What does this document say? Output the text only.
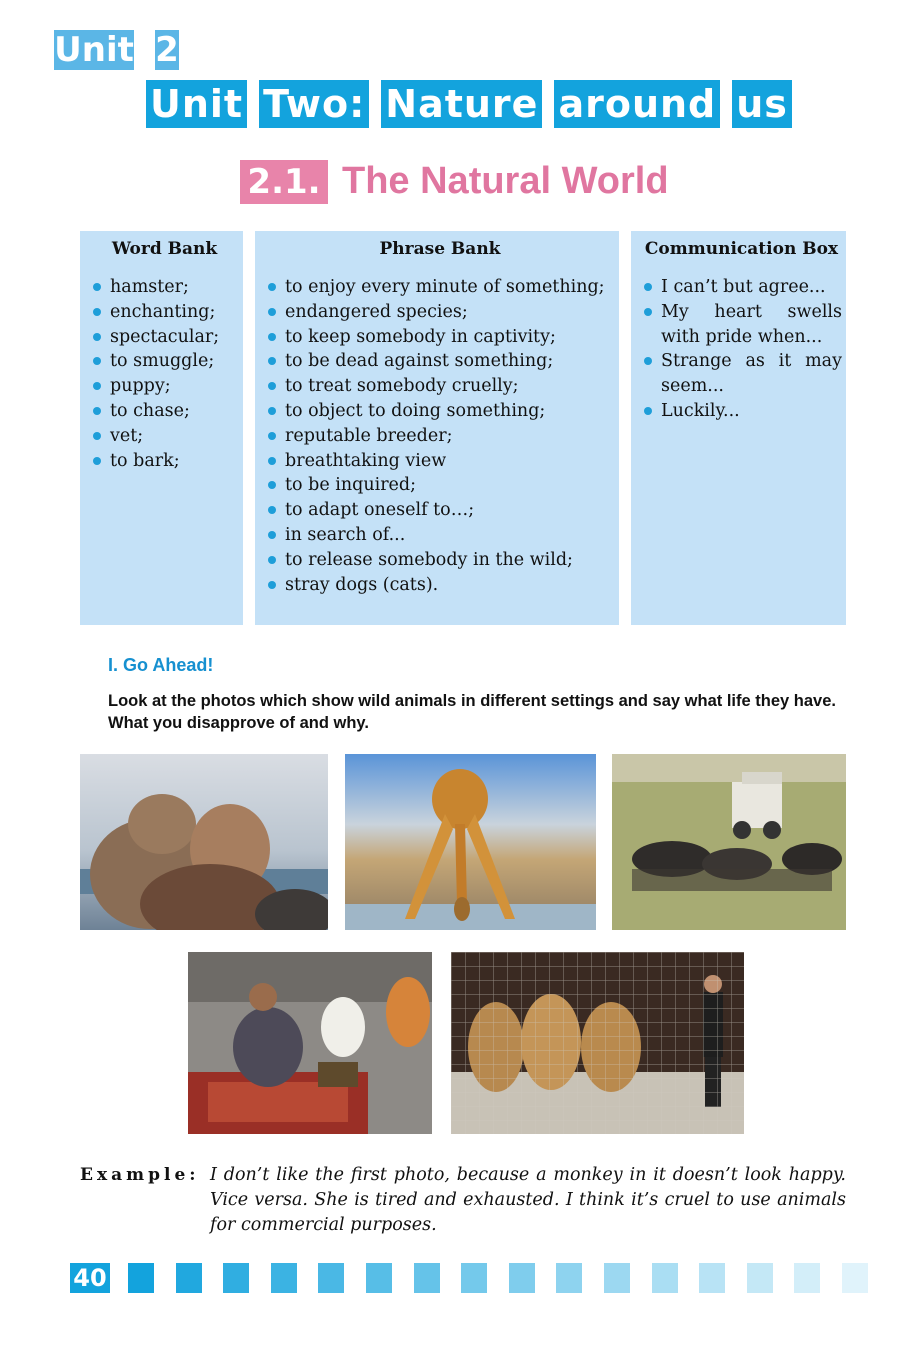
Unit 2
Unit Two: Nature around us
2.1. The Natural World
Word Bank
hamster;
enchanting;
spectacular;
to smuggle;
puppy;
to chase;
vet;
to bark;
Phrase Bank
to enjoy every minute of something;
endangered species;
to keep somebody in captivity;
to be dead against something;
to treat somebody cruelly;
to object to doing something;
reputable breeder;
breathtaking view
to be inquired;
to adapt oneself to…;
in search of...
to release somebody in the wild;
stray dogs (cats).
Communication Box
I can’t but agree...
My heart swells with pride when...
Strange as it may seem...
Luckily...
I. Go Ahead!
Look at the photos which show wild animals in different settings and say what life they have. What you disapprove of and why.
Example: I don’t like the first photo, because a monkey in it doesn’t look happy. Vice versa. She is tired and exhausted. I think it’s cruel to use animals for commercial purposes.
40
